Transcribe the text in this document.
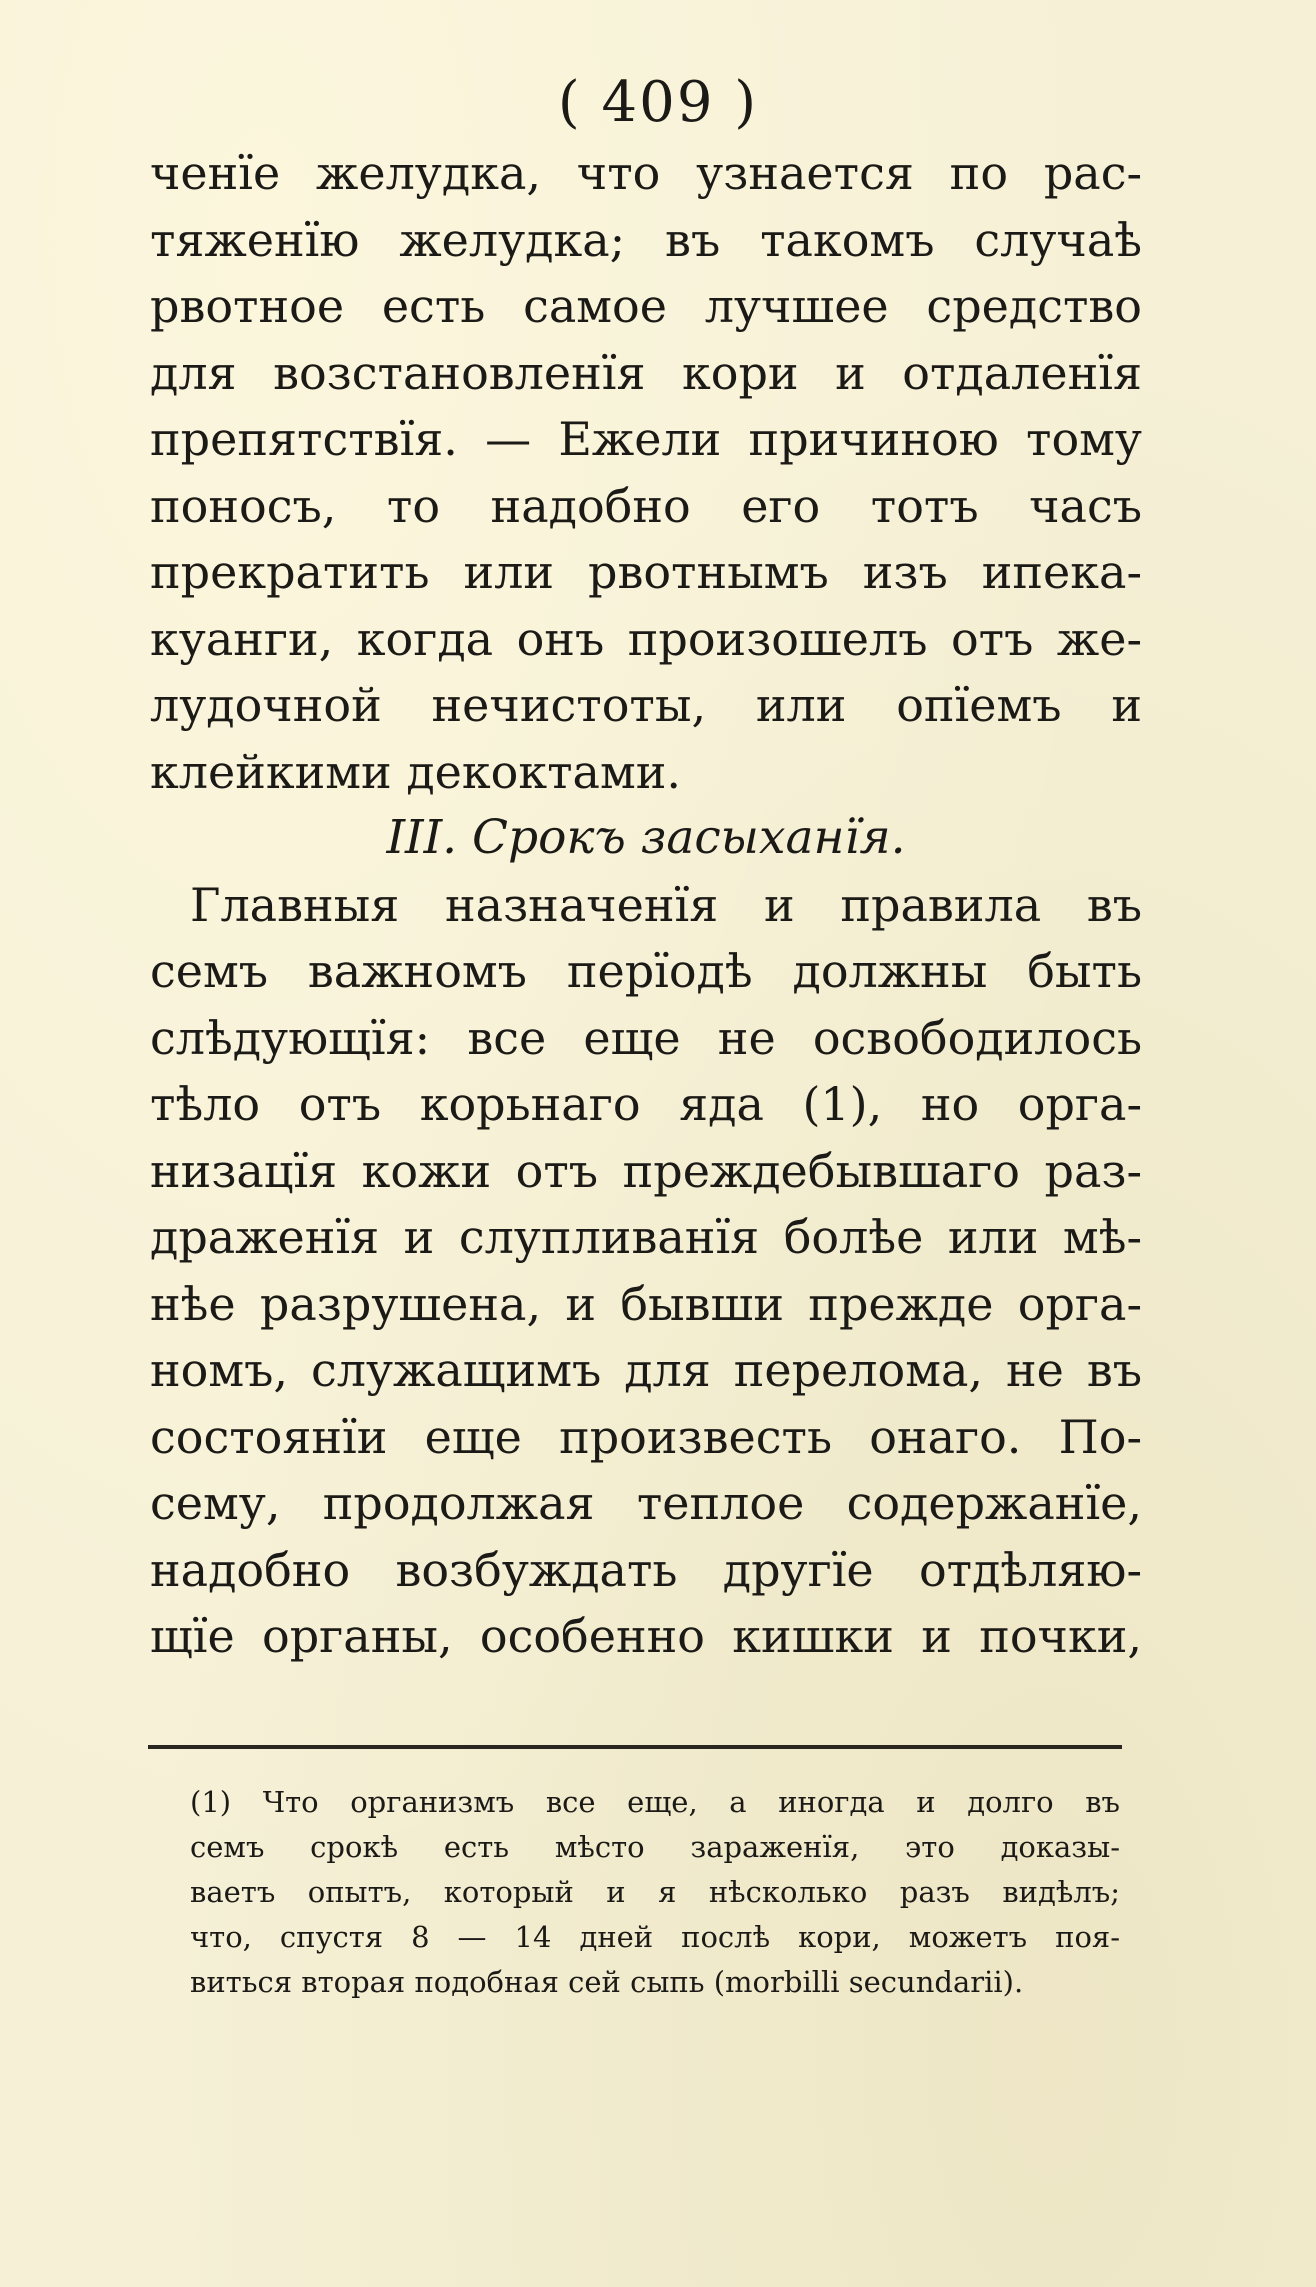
( 409 )
ченїе желудка, что узнается по рас-
тяженїю желудка; въ такомъ случаѣ
рвотное есть самое лучшее средство
для возстановленїя кори и отдаленїя
препятствїя. — Ежели причиною тому
поносъ, то надобно его тотъ часъ
прекратить или рвотнымъ изъ ипека-
куанги, когда онъ произошелъ отъ же-
лудочной нечистоты, или опїемъ и
клейкими декоктами.
III. Срокъ засыханїя.
Главныя назначенїя и правила въ
семъ важномъ перїодѣ должны быть
слѣдующїя: все еще не освободилось
тѣло отъ корьнаго яда (1), но орга-
низацїя кожи отъ преждебывшаго раз-
драженїя и слупливанїя болѣе или мѣ-
нѣе разрушена, и бывши прежде орга-
номъ, служащимъ для перелома, не въ
состоянїи еще произвесть онаго. По-
сему, продолжая теплое содержанїе,
надобно возбуждать другїе отдѣляю-
щїе органы, особенно кишки и почки,
(1) Что организмъ все еще, а иногда и долго въ
семъ срокѣ есть мѣсто зараженїя, это доказы-
ваетъ опытъ, который и я нѣсколько разъ видѣлъ;
что, спустя 8 — 14 дней послѣ кори, можетъ поя-
виться вторая подобная сей сыпь (morbilli secundarii).
